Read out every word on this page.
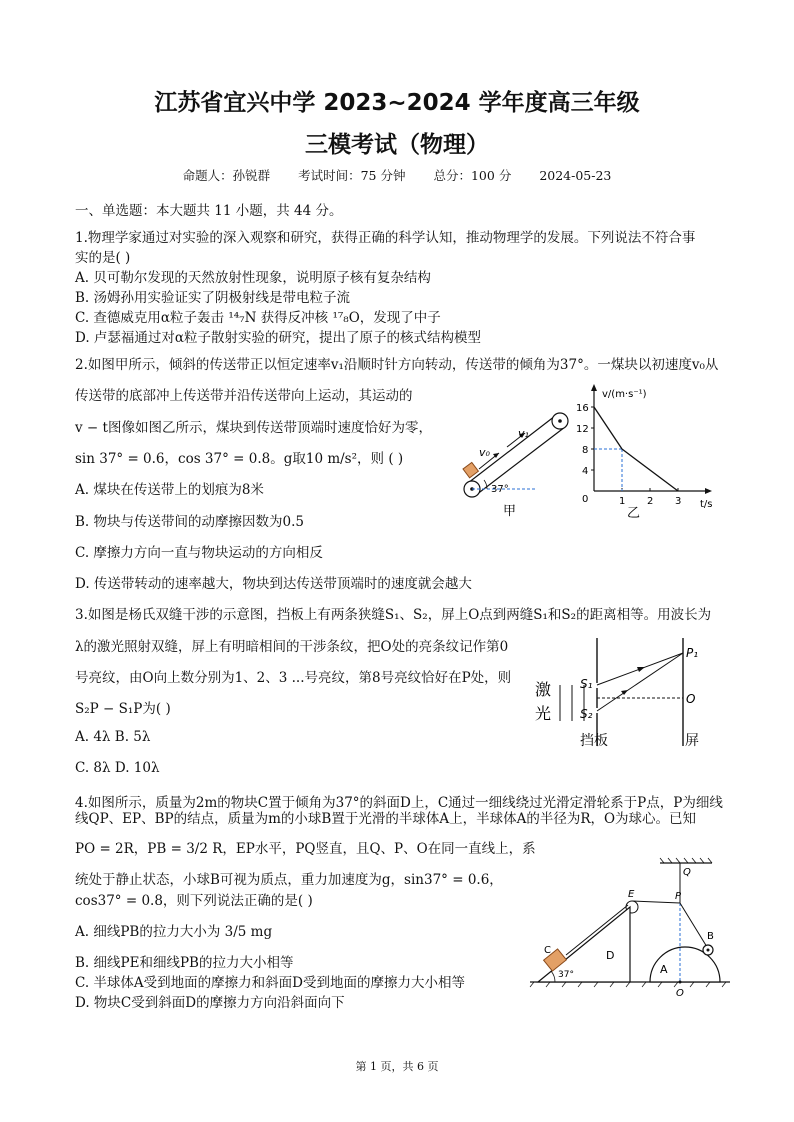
江苏省宜兴中学 2023~2024 学年度高三年级
三模考试（物理）
命题人：孙锐群 考试时间：75 分钟 总分：100 分 2024-05-23
一、单选题：本大题共 11 小题，共 44 分。
1.物理学家通过对实验的深入观察和研究，获得正确的科学认知，推动物理学的发展。下列说法不符合事
实的是( )
A. 贝可勒尔发现的天然放射性现象，说明原子核有复杂结构
B. 汤姆孙用实验证实了阴极射线是带电粒子流
C. 查德威克用α粒子轰击 ¹⁴₇N 获得反冲核 ¹⁷₈O，发现了中子
D. 卢瑟福通过对α粒子散射实验的研究，提出了原子的核式结构模型
2.如图甲所示，倾斜的传送带正以恒定速率v₁沿顺时针方向转动，传送带的倾角为37°。一煤块以初速度v₀从
传送带的底部冲上传送带并沿传送带向上运动，其运动的
v − t图像如图乙所示，煤块到传送带顶端时速度恰好为零，
sin 37° = 0.6，cos 37° = 0.8。g取10 m/s²，则 ( )
A. 煤块在传送带上的划痕为8米
B. 物块与传送带间的动摩擦因数为0.5
C. 摩擦力方向一直与物块运动的方向相反
D. 传送带转动的速率越大，物块到达传送带顶端时的速度就会越大
v₀
v₁
37°
甲
v/(m·s⁻¹)
t/s
0
16
12
8
4
1 2 3
乙
3.如图是杨氏双缝干涉的示意图，挡板上有两条狭缝S₁、S₂，屏上O点到两缝S₁和S₂的距离相等。用波长为
λ的激光照射双缝，屏上有明暗相间的干涉条纹，把O处的亮条纹记作第0
号亮纹，由O向上数分别为1、2、3 ...号亮纹，第8号亮纹恰好在P处，则
S₂P − S₁P为( )
A. 4λ B. 5λ
C. 8λ D. 10λ
激
光
S₁
S₂
P₁
O
挡板	屏
4.如图所示，质量为2m的物块C置于倾角为37°的斜面D上，C通过一细线绕过光滑定滑轮系于P点，P为细线
线QP、EP、BP的结点，质量为m的小球B置于光滑的半球体A上，半球体A的半径为R，O为球心。已知
PO = 2R，PB = 3/2 R，EP水平，PQ竖直，且Q、P、O在同一直线上，系
统处于静止状态，小球B可视为质点，重力加速度为g，sin37° = 0.6，
cos37° = 0.8，则下列说法正确的是( )
A. 细线PB的拉力大小为 3/5 mg
B. 细线PE和细线PB的拉力大小相等
C. 半球体A受到地面的摩擦力和斜面D受到地面的摩擦力大小相等
D. 物块C受到斜面D的摩擦力方向沿斜面向下
Q
P
E
D
C
37°	A
B
O
第 1 页，共 6 页
